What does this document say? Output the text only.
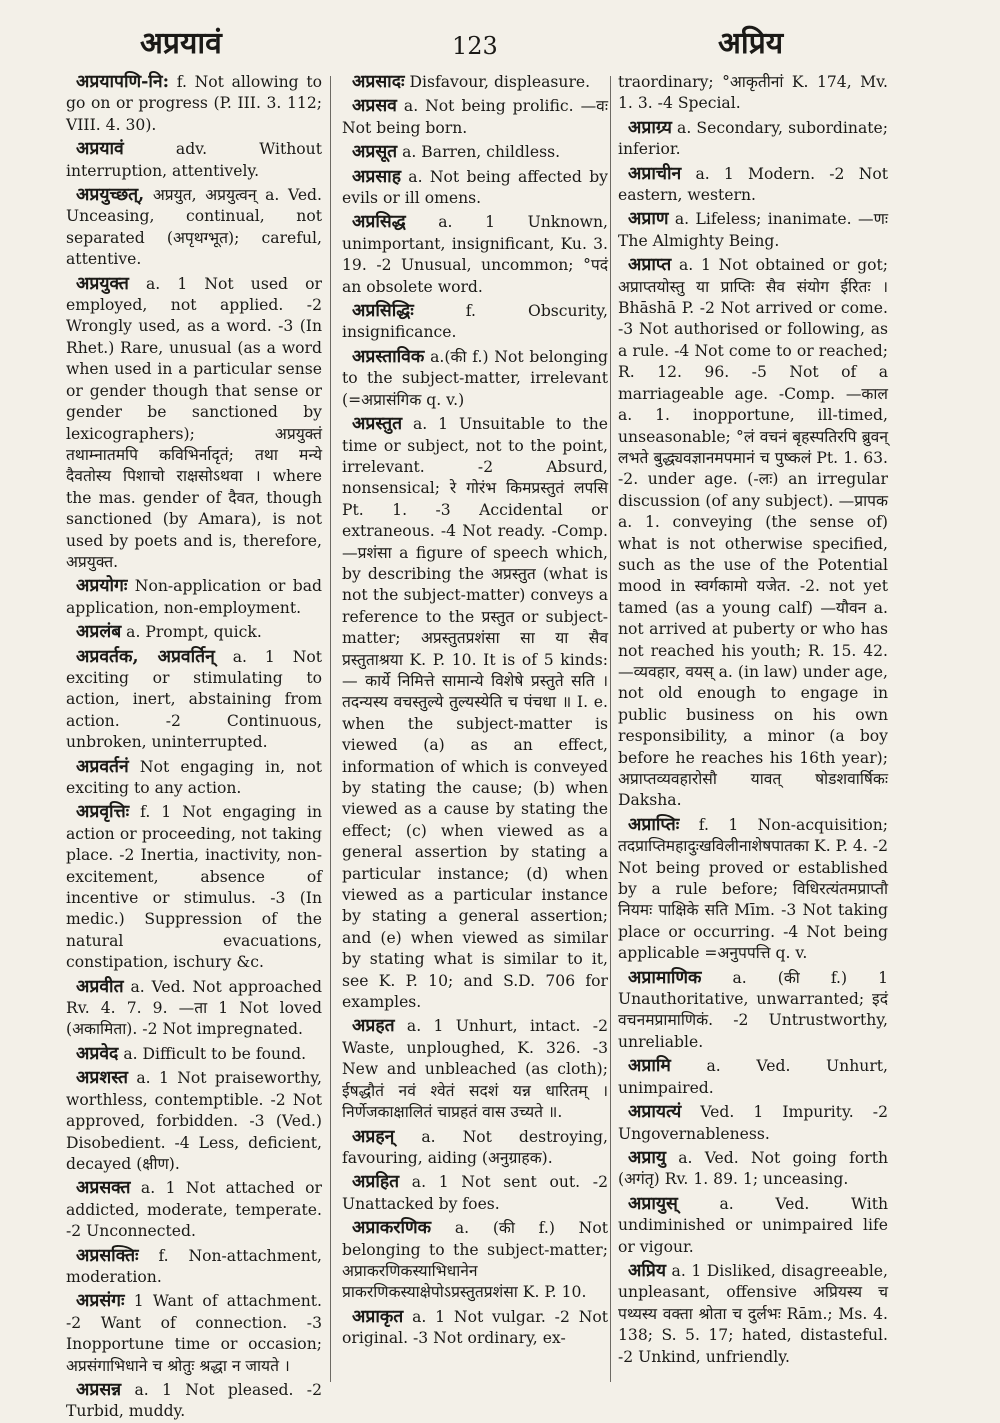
अप्रयावं	123	अप्रिय

अप्रयापणि-नि: f. Not allowing to go on or progress (P. III. 3. 112; VIII. 4. 30).

अप्रयावं adv. Without interruption, attentively.

अप्रयुच्छत्, अप्रयुत, अप्रयुत्वन् a. Ved. Unceasing, continual, not separated (अपृथग्भूत); careful, attentive.

अप्रयुक्त a. 1 Not used or employed, not applied. -2 Wrongly used, as a word. -3 (In Rhet.) Rare, unusual (as a word when used in a particular sense or gender though that sense or gender be sanctioned by lexicographers); अप्रयुक्तं तथाम्नातमपि कविभिर्नादृतं; तथा मन्ये दैवतोस्य पिशाचो राक्षसोऽथवा । where the mas. gender of दैवत, though sanctioned (by Amara), is not used by poets and is, therefore, अप्रयुक्त.

अप्रयोगः Non-application or bad application, non-employment.

अप्रलंब a. Prompt, quick.

अप्रवर्तक, अप्रवर्तिन् a. 1 Not exciting or stimulating to action, inert, abstaining from action. -2 Continuous, unbroken, uninterrupted.

अप्रवर्तनं Not engaging in, not exciting to any action.

अप्रवृत्तिः f. 1 Not engaging in action or proceeding, not taking place. -2 Inertia, inactivity, non-excitement, absence of incentive or stimulus. -3 (In medic.) Suppression of the natural evacuations, constipation, ischury &c.

अप्रवीत a. Ved. Not approached Rv. 4. 7. 9. —ता 1 Not loved (अकामिता). -2 Not impregnated.

अप्रवेद a. Difficult to be found.

अप्रशस्त a. 1 Not praiseworthy, worthless, contemptible. -2 Not approved, forbidden. -3 (Ved.) Disobedient. -4 Less, deficient, decayed (क्षीण).

अप्रसक्त a. 1 Not attached or addicted, moderate, temperate. -2 Unconnected.

अप्रसक्तिः f. Non-attachment, moderation.

अप्रसंगः 1 Want of attachment. -2 Want of connection. -3 Inopportune time or occasion; अप्रसंगाभिधाने च श्रोतुः श्रद्धा न जायते ।

अप्रसन्न a. 1 Not pleased. -2 Turbid, muddy.

अप्रसादः Disfavour, displeasure.

अप्रसव a. Not being prolific. —वः Not being born.

अप्रसूत a. Barren, childless.

अप्रसाह a. Not being affected by evils or ill omens.

अप्रसिद्ध a. 1 Unknown, unimportant, insignificant, Ku. 3. 19. -2 Unusual, uncommon; °पदं an obsolete word.

अप्रसिद्धिः f. Obscurity, insignificance.

अप्रस्ताविक a.(की f.) Not belonging to the subject-matter, irrelevant (=अप्रासंगिक q. v.)

अप्रस्तुत a. 1 Unsuitable to the time or subject, not to the point, irrelevant. -2 Absurd, nonsensical; रे गोरंभ किमप्रस्तुतं लपसि Pt. 1. -3 Accidental or extraneous. -4 Not ready. -Comp. —प्रशंसा a figure of speech which, by describing the अप्रस्तुत (what is not the subject-matter) conveys a reference to the प्रस्तुत or subject-matter; अप्रस्तुतप्रशंसा सा या सैव प्रस्तुताश्रया K. P. 10. It is of 5 kinds:— कार्ये निमित्ते सामान्ये विशेषे प्रस्तुते सति । तदन्यस्य वचस्तुल्ये तुल्यस्येति च पंचधा ॥ I. e. when the subject-matter is viewed (a) as an effect, information of which is conveyed by stating the cause; (b) when viewed as a cause by stating the effect; (c) when viewed as a general assertion by stating a particular instance; (d) when viewed as a particular instance by stating a general assertion; and (e) when viewed as similar by stating what is similar to it, see K. P. 10; and S.D. 706 for examples.

अप्रहत a. 1 Unhurt, intact. -2 Waste, unploughed, K. 326. -3 New and unbleached (as cloth); ईषद्धौतं नवं श्वेतं सदशं यन्न धारितम् । निर्णेजकाक्षालितं चाप्रहतं वास उच्यते ॥.

अप्रहन् a. Not destroying, favouring, aiding (अनुग्राहक).

अप्रहित a. 1 Not sent out. -2 Unattacked by foes.

अप्राकरणिक a. (की f.) Not belonging to the subject-matter; अप्राकरणिकस्याभिधानेन प्राकरणिकस्याक्षेपोऽप्रस्तुतप्रशंसा K. P. 10.

अप्राकृत a. 1 Not vulgar. -2 Not original. -3 Not ordinary, ex-

traordinary; °आकृतीनां K. 174, Mv. 1. 3. -4 Special.

अप्राग्र्य a. Secondary, subordinate; inferior.

अप्राचीन a. 1 Modern. -2 Not eastern, western.

अप्राण a. Lifeless; inanimate. —णः The Almighty Being.

अप्राप्त a. 1 Not obtained or got; अप्राप्तयोस्तु या प्राप्तिः सैव संयोग ईरितः । Bhāshā P. -2 Not arrived or come. -3 Not authorised or following, as a rule. -4 Not come to or reached; R. 12. 96. -5 Not of a marriageable age. -Comp. —काल a. 1. inopportune, ill-timed, unseasonable; °लं वचनं बृहस्पतिरपि ब्रुवन् लभते बुद्ध्यवज्ञानमपमानं च पुष्कलं Pt. 1. 63. -2. under age. (-लः) an irregular discussion (of any subject). —प्रापक a. 1. conveying (the sense of) what is not otherwise specified, such as the use of the Potential mood in स्वर्गकामो यजेत. -2. not yet tamed (as a young calf) —यौवन a. not arrived at puberty or who has not reached his youth; R. 15. 42. —व्यवहार, वयस् a. (in law) under age, not old enough to engage in public business on his own responsibility, a minor (a boy before he reaches his 16th year); अप्राप्तव्यवहारोसौ यावत् षोडशवार्षिकः Daksha.

अप्राप्तिः f. 1 Non-acquisition; तदप्राप्तिमहादुःखविलीनाशेषपातका K. P. 4. -2 Not being proved or established by a rule before; विधिरत्यंतमप्राप्तौ नियमः पाक्षिके सति Mīm. -3 Not taking place or occurring. -4 Not being applicable =अनुपपत्ति q. v.

अप्रामाणिक a. (की f.) 1 Unauthoritative, unwarranted; इदं वचनमप्रामाणिकं. -2 Untrustworthy, unreliable.

अप्रामि a. Ved. Unhurt, unimpaired.

अप्रायत्यं Ved. 1 Impurity. -2 Ungovernableness.

अप्रायु a. Ved. Not going forth (अगंतृ) Rv. 1. 89. 1; unceasing.

अप्रायुस् a. Ved. With undiminished or unimpaired life or vigour.

अप्रिय a. 1 Disliked, disagreeable, unpleasant, offensive अप्रियस्य च पथ्यस्य वक्ता श्रोता च दुर्लभः Rām.; Ms. 4. 138; S. 5. 17; hated, distasteful. -2 Unkind, unfriendly.
